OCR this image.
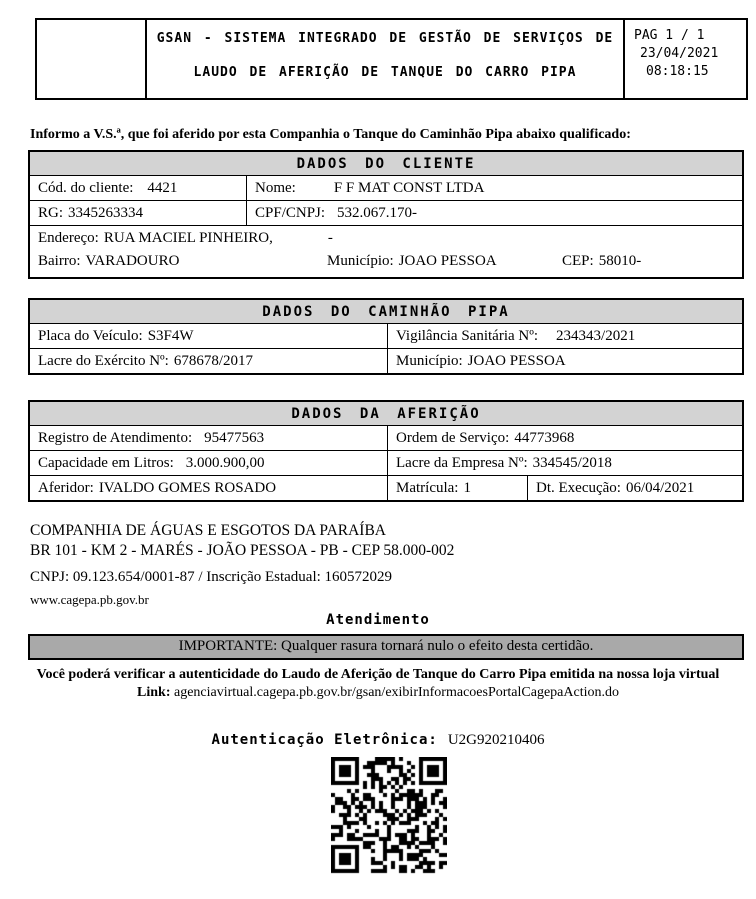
GSAN - SISTEMA INTEGRADO DE GESTÃO DE SERVIÇOS DE
LAUDO DE AFERIÇÃO DE TANQUE DO CARRO PIPA
PAG 1 / 1
23/04/2021
08:18:15
Informo a V.S.ª, que foi aferido por esta Companhia o Tanque do Caminhão Pipa abaixo qualificado:
DADOS DO CLIENTE
Cód. do cliente: 4421	Nome:	F F MAT CONST LTDA
RG: 3345263334	CPF/CNPJ: 532.067.170-
Endereço: RUA MACIEL PINHEIRO,	-
Bairro: VARADOURO	Município: JOAO PESSOA	CEP: 58010-
DADOS DO CAMINHÃO PIPA
Placa do Veículo: S3F4W	Vigilância Sanitária Nº: 234343/2021
Lacre do Exército Nº: 678678/2017	Município: JOAO PESSOA
DADOS DA AFERIÇÃO
Registro de Atendimento: 95477563	Ordem de Serviço: 44773968
Capacidade em Litros: 3.000.900,00	Lacre da Empresa Nº: 334545/2018
Aferidor: IVALDO GOMES ROSADO	Matrícula: 1	Dt. Execução: 06/04/2021
COMPANHIA DE ÁGUAS E ESGOTOS DA PARAÍBA
BR 101 - KM 2 - MARÉS - JOÃO PESSOA - PB - CEP 58.000-002
CNPJ: 09.123.654/0001-87 / Inscrição Estadual: 160572029
www.cagepa.pb.gov.br
Atendimento
IMPORTANTE: Qualquer rasura tornará nulo o efeito desta certidão.
Você poderá verificar a autenticidade do Laudo de Aferição de Tanque do Carro Pipa emitida na nossa loja virtual
Link: agenciavirtual.cagepa.pb.gov.br/gsan/exibirInformacoesPortalCagepaAction.do
Autenticação Eletrônica: U2G920210406
